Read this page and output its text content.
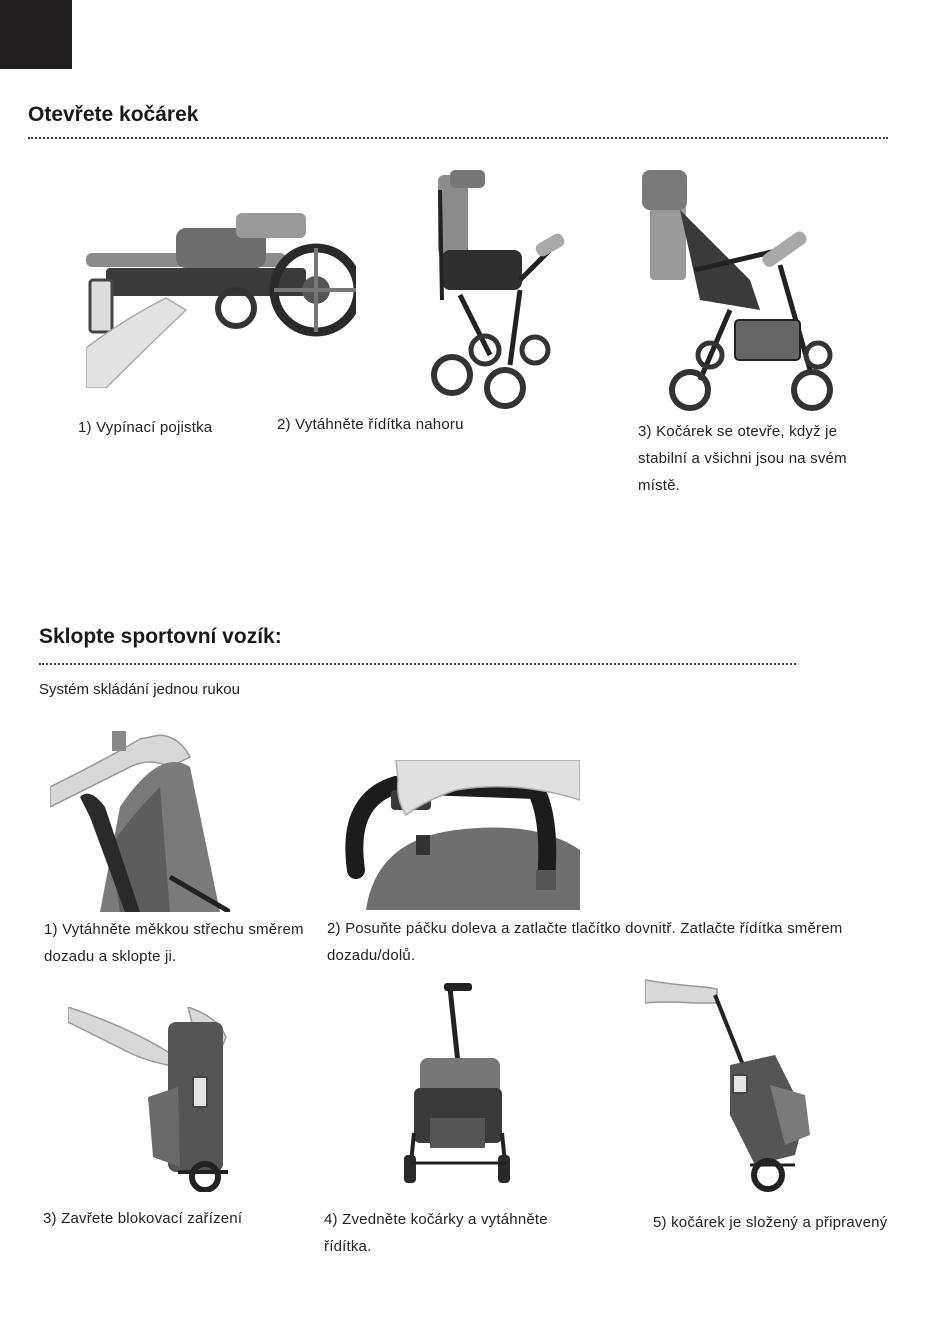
Otevřete kočárek
1) Vypínací pojistka	2) Vytáhněte řídítka nahoru	3) Kočárek se otevře, když je stabilní a všichni jsou na svém místě.
Sklopte sportovní vozík:
Systém skládání jednou rukou
1) Vytáhněte měkkou střechu směrem dozadu a sklopte ji.
2) Posuňte páčku doleva a zatlačte tlačítko dovnitř. Zatlačte řídítka směrem dozadu/dolů.
3) Zavřete blokovací zařízení	4) Zvedněte kočárky a vytáhněte řídítka.
5) kočárek je složený a připravený
